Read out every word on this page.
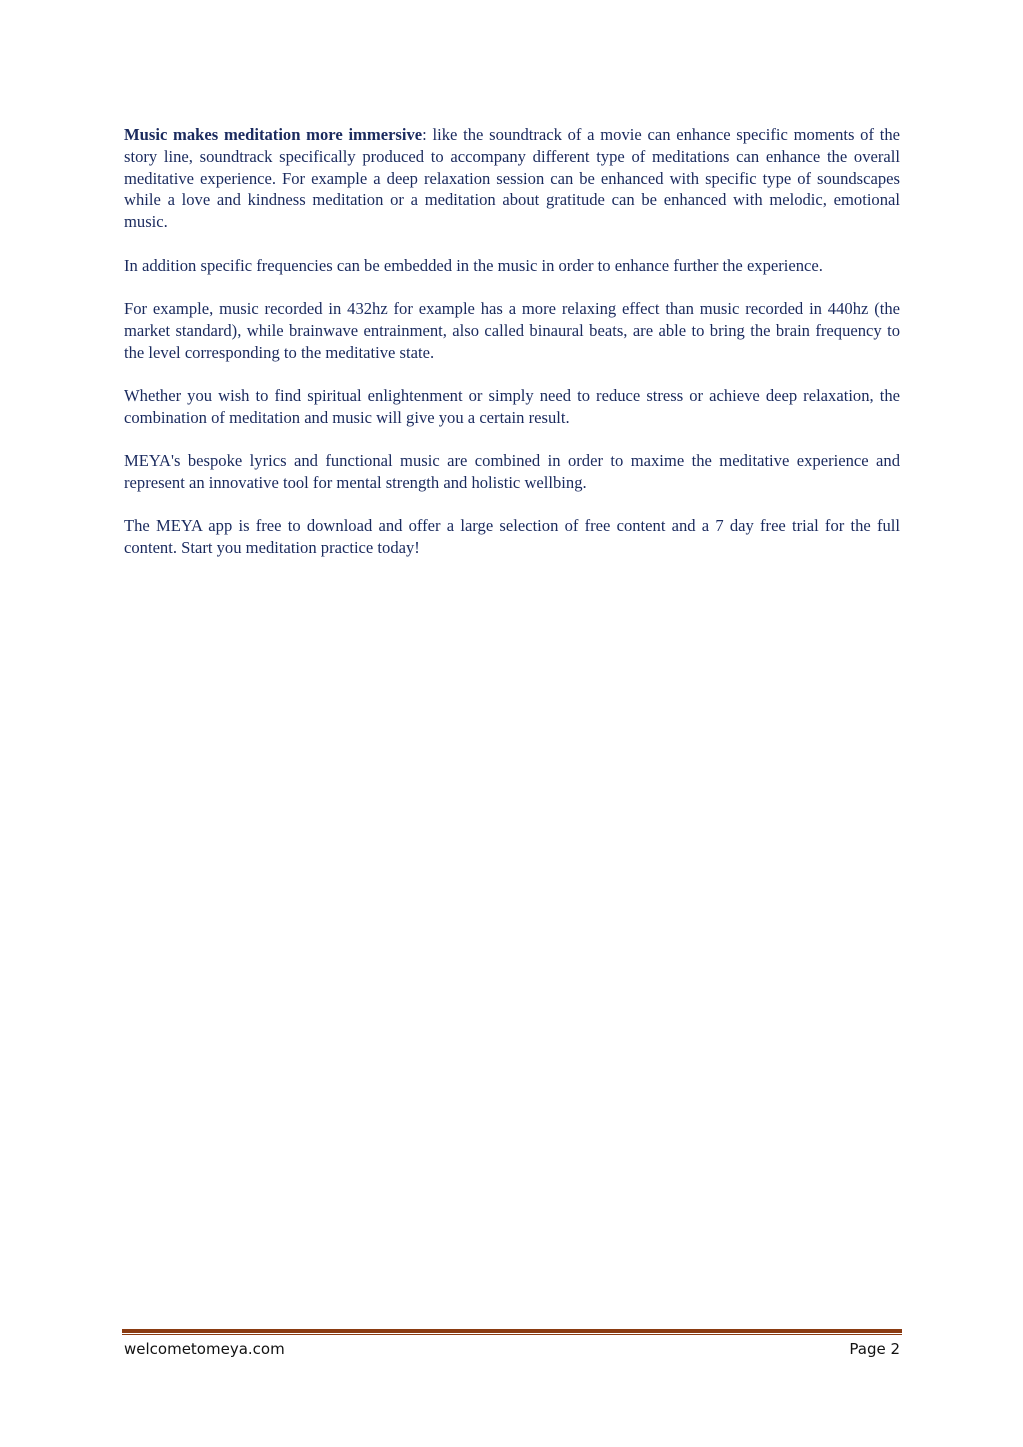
Music makes meditation more immersive: like the soundtrack of a movie can enhance specific moments of the story line, soundtrack specifically produced to accompany different type of meditations can enhance the overall meditative experience. For example a deep relaxation session can be enhanced with specific type of soundscapes while a love and kindness meditation or a meditation about gratitude can be enhanced with melodic, emotional music.

In addition specific frequencies can be embedded in the music in order to enhance further the experience.

For example, music recorded in 432hz for example has a more relaxing effect than music recorded in 440hz (the market standard), while brainwave entrainment, also called binaural beats, are able to bring the brain frequency to the level corresponding to the meditative state.

Whether you wish to find spiritual enlightenment or simply need to reduce stress or achieve deep relaxation, the combination of meditation and music will give you a certain result.

MEYA's bespoke lyrics and functional music are combined in order to maxime the meditative experience and represent an innovative tool for mental strength and holistic wellbing.

The MEYA app is free to download and offer a large selection of free content and a 7 day free trial for the full content. Start you meditation practice today!

welcometomeya.com	Page 2
